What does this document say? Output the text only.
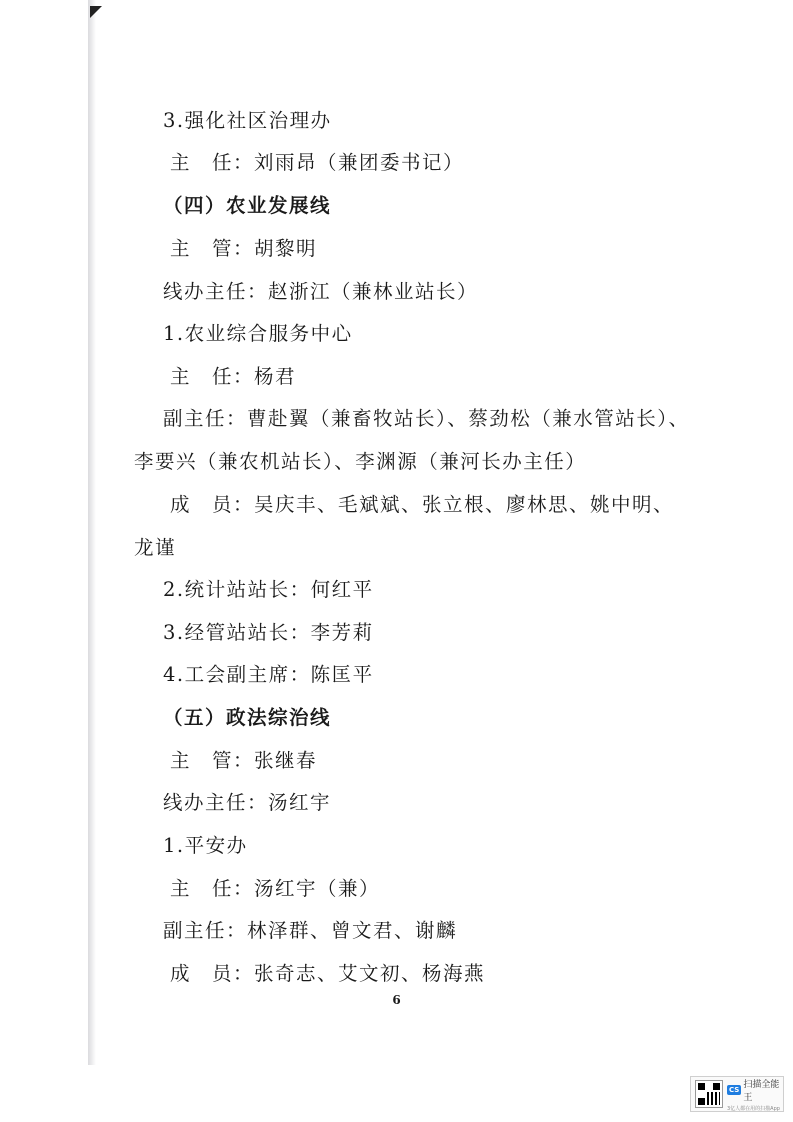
3.强化社区治理办
主　任：刘雨昂（兼团委书记）
（四）农业发展线
主　管：胡黎明
线办主任：赵浙江（兼林业站长）
1.农业综合服务中心
主　任：杨君
副主任：曹赴翼（兼畜牧站长）、蔡劲松（兼水管站长）、
李要兴（兼农机站长）、李渊源（兼河长办主任）
成　员：吴庆丰、毛斌斌、张立根、廖林思、姚中明、
龙谨
2.统计站站长：何红平
3.经管站站长：李芳莉
4.工会副主席：陈匡平
（五）政法综治线
主　管：张继春
线办主任：汤红宇
1.平安办
主　任：汤红宇（兼）
副主任：林泽群、曾文君、谢麟
成　员：张奇志、艾文初、杨海燕
6
CS 扫描全能王
3亿人都在用的扫描App
